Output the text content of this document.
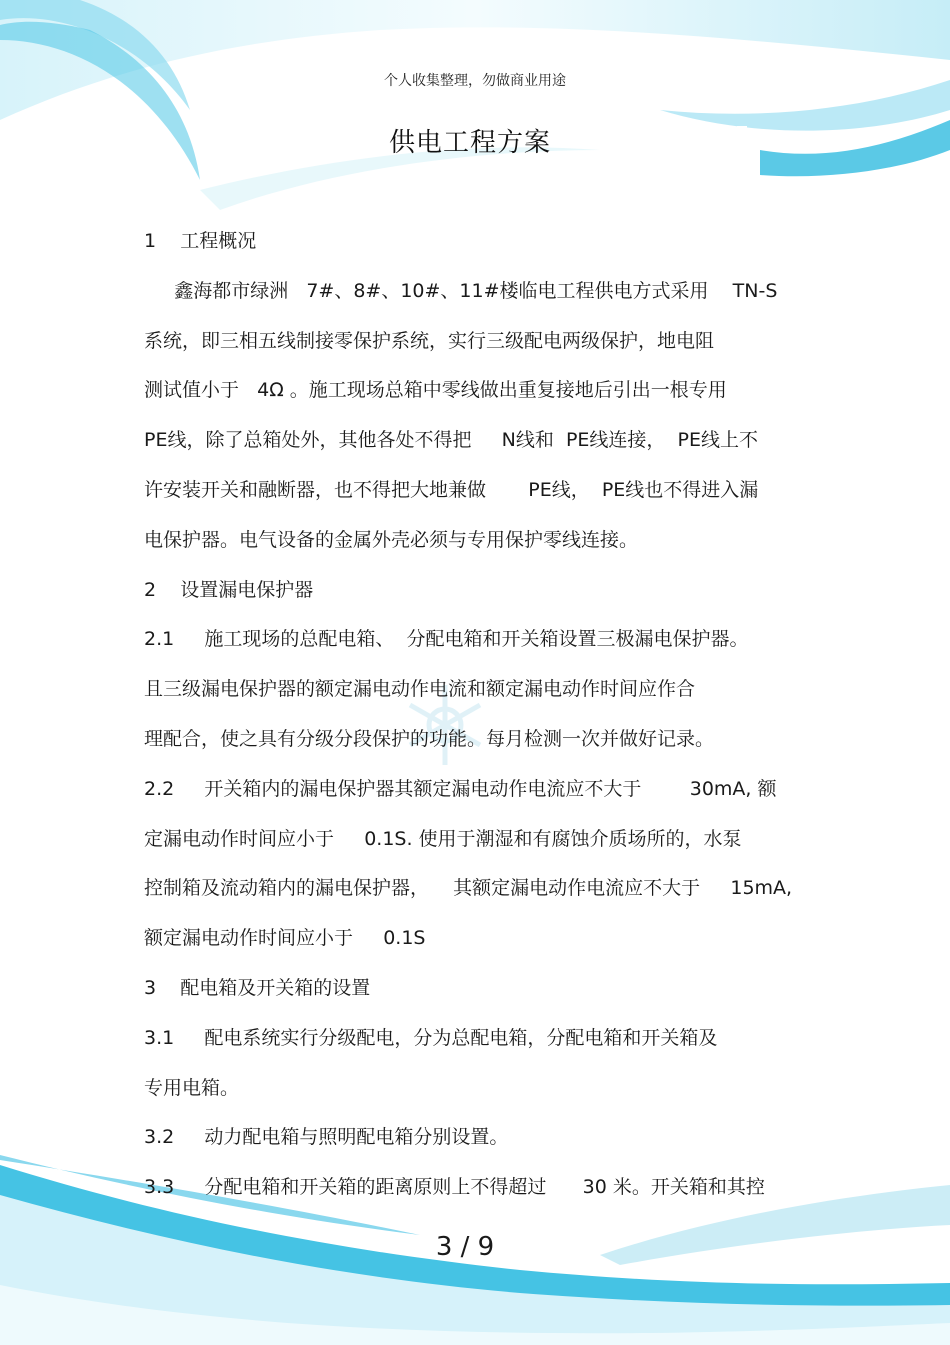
个人收集整理，勿做商业用途
供电工程方案
1    工程概况
鑫海都市绿洲   7#、8#、10#、11#楼临电工程供电方式采用    TN-S
系统，即三相五线制接零保护系统，实行三级配电两级保护，地电阻
测试值小于   4Ω 。施工现场总箱中零线做出重复接地后引出一根专用
PE线，除了总箱处外，其他各处不得把     N线和  PE线连接，  PE线上不
许安装开关和融断器，也不得把大地兼做       PE线，  PE线也不得进入漏
电保护器。电气设备的金属外壳必须与专用保护零线连接。
2    设置漏电保护器
2.1     施工现场的总配电箱、  分配电箱和开关箱设置三极漏电保护器。
且三级漏电保护器的额定漏电动作电流和额定漏电动作时间应作合
理配合，使之具有分级分段保护的功能。每月检测一次并做好记录。
2.2     开关箱内的漏电保护器其额定漏电动作电流应不大于        30mA, 额
定漏电动作时间应小于     0.1S. 使用于潮湿和有腐蚀介质场所的，水泵
控制箱及流动箱内的漏电保护器，    其额定漏电动作电流应不大于     15mA,
额定漏电动作时间应小于     0.1S
3    配电箱及开关箱的设置
3.1     配电系统实行分级配电，分为总配电箱，分配电箱和开关箱及
专用电箱。
3.2     动力配电箱与照明配电箱分别设置。
3.3     分配电箱和开关箱的距离原则上不得超过      30 米。开关箱和其控
3 / 9
